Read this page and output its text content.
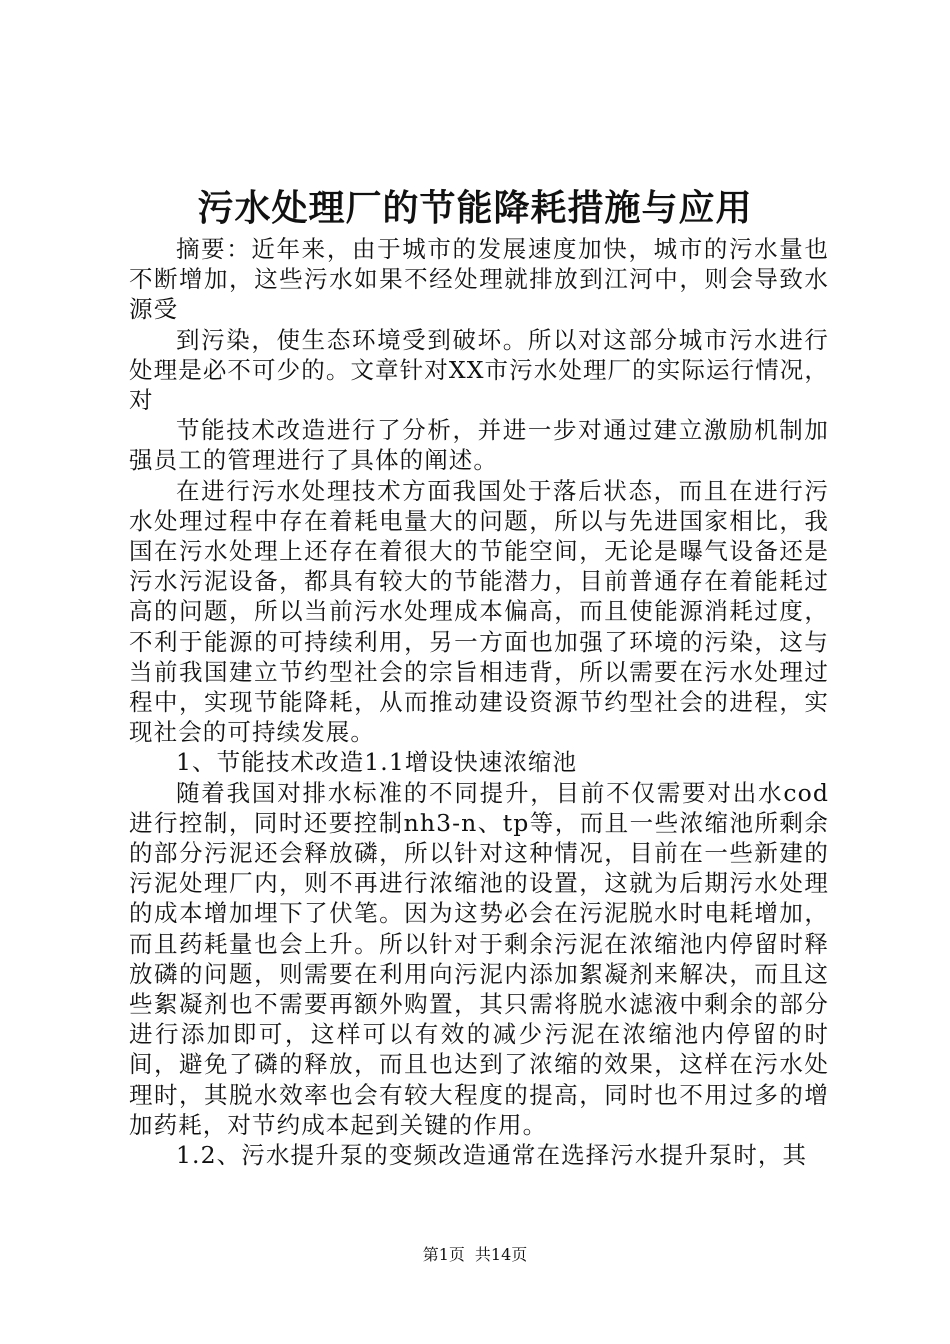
污水处理厂的节能降耗措施与应用

摘要：近年来，由于城市的发展速度加快，城市的污水量也不断增加，这些污水如果不经处理就排放到江河中，则会导致水源受

到污染，使生态环境受到破坏。所以对这部分城市污水进行处理是必不可少的。文章针对XX市污水处理厂的实际运行情况，对

节能技术改造进行了分析，并进一步对通过建立激励机制加强员工的管理进行了具体的阐述。

在进行污水处理技术方面我国处于落后状态，而且在进行污水处理过程中存在着耗电量大的问题，所以与先进国家相比，我国在污水处理上还存在着很大的节能空间，无论是曝气设备还是污水污泥设备，都具有较大的节能潜力，目前普通存在着能耗过高的问题，所以当前污水处理成本偏高，而且使能源消耗过度，不利于能源的可持续利用，另一方面也加强了环境的污染，这与当前我国建立节约型社会的宗旨相违背，所以需要在污水处理过程中，实现节能降耗，从而推动建设资源节约型社会的进程，实现社会的可持续发展。

1、节能技术改造1.1增设快速浓缩池

随着我国对排水标准的不同提升，目前不仅需要对出水cod进行控制，同时还要控制nh3-n、tp等，而且一些浓缩池所剩余的部分污泥还会释放磷，所以针对这种情况，目前在一些新建的污泥处理厂内，则不再进行浓缩池的设置，这就为后期污水处理的成本增加埋下了伏笔。因为这势必会在污泥脱水时电耗增加，而且药耗量也会上升。所以针对于剩余污泥在浓缩池内停留时释放磷的问题，则需要在利用向污泥内添加絮凝剂来解决，而且这些絮凝剂也不需要再额外购置，其只需将脱水滤液中剩余的部分进行添加即可，这样可以有效的减少污泥在浓缩池内停留的时间，避免了磷的释放，而且也达到了浓缩的效果，这样在污水处理时，其脱水效率也会有较大程度的提高，同时也不用过多的增加药耗，对节约成本起到关键的作用。

1.2、污水提升泵的变频改造通常在选择污水提升泵时，其

第1页 共14页
